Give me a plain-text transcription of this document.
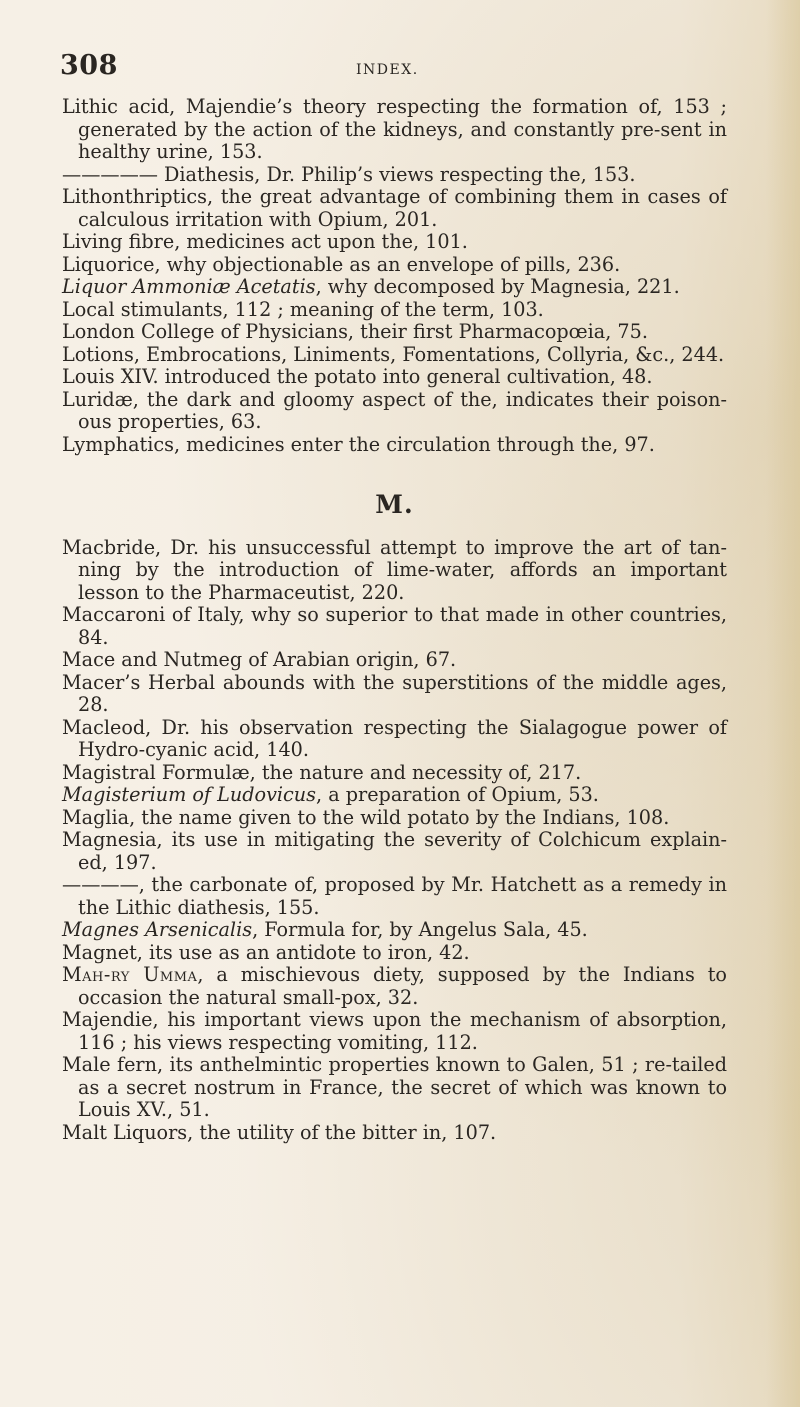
308	INDEX.

Lithic acid, Majendie’s theory respecting the formation of, 153 ; generated by the action of the kidneys, and constantly pre-sent in healthy urine, 153.

————— Diathesis, Dr. Philip’s views respecting the, 153.

Lithonthriptics, the great advantage of combining them in cases of calculous irritation with Opium, 201.

Living fibre, medicines act upon the, 101.

Liquorice, why objectionable as an envelope of pills, 236.

Liquor Ammoniæ Acetatis, why decomposed by Magnesia, 221.

Local stimulants, 112 ; meaning of the term, 103.

London College of Physicians, their first Pharmacopœia, 75.

Lotions, Embrocations, Liniments, Fomentations, Collyria, &c., 244.

Louis XIV. introduced the potato into general cultivation, 48.

Luridæ, the dark and gloomy aspect of the, indicates their poison-ous properties, 63.

Lymphatics, medicines enter the circulation through the, 97.

M.

Macbride, Dr. his unsuccessful attempt to improve the art of tan-ning by the introduction of lime-water, affords an important lesson to the Pharmaceutist, 220.

Maccaroni of Italy, why so superior to that made in other countries, 84.

Mace and Nutmeg of Arabian origin, 67.

Macer’s Herbal abounds with the superstitions of the middle ages, 28.

Macleod, Dr. his observation respecting the Sialagogue power of Hydro-cyanic acid, 140.

Magistral Formulæ, the nature and necessity of, 217.

Magisterium of Ludovicus, a preparation of Opium, 53.

Maglia, the name given to the wild potato by the Indians, 108.

Magnesia, its use in mitigating the severity of Colchicum explain-ed, 197.

————, the carbonate of, proposed by Mr. Hatchett as a remedy in the Lithic diathesis, 155.

Magnes Arsenicalis, Formula for, by Angelus Sala, 45.

Magnet, its use as an antidote to iron, 42.

Mah-ry Umma, a mischievous diety, supposed by the Indians to occasion the natural small-pox, 32.

Majendie, his important views upon the mechanism of absorption, 116 ; his views respecting vomiting, 112.

Male fern, its anthelmintic properties known to Galen, 51 ; re-tailed as a secret nostrum in France, the secret of which was known to Louis XV., 51.

Malt Liquors, the utility of the bitter in, 107.
